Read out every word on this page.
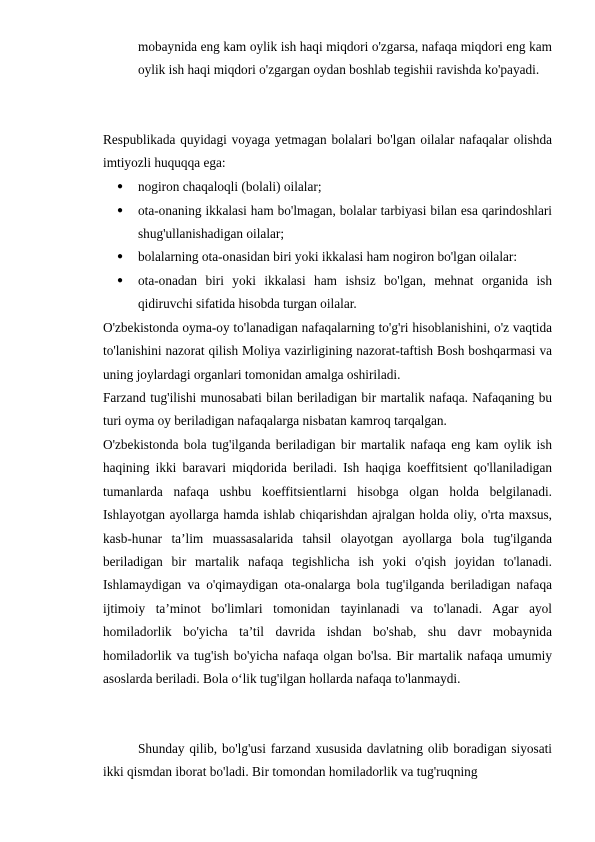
mobaynida eng kam oylik ish haqi miqdori o'zgarsa, nafaqa miqdori eng kam oylik ish haqi miqdori o'zgargan oydan boshlab tegishii ravishda ko'payadi.

Respublikada quyidagi voyaga yetmagan bolalari bo'lgan oilalar nafaqalar olishda imtiyozli huquqqa ega:

● nogiron chaqaloqli (bolali) oilalar;
● ota-onaning ikkalasi ham bo'lmagan, bolalar tarbiyasi bilan esa qarindoshlari shug'ullanishadigan oilalar;
● bolalarning ota-onasidan biri yoki ikkalasi ham nogiron bo'lgan oilalar:
● ota-onadan biri yoki ikkalasi ham ishsiz bo'lgan, mehnat organida ish qidiruvchi sifatida hisobda turgan oilalar.

O'zbekistonda oyma-oy to'lanadigan nafaqalarning to'g'ri hisoblanishini, o'z vaqtida to'lanishini nazorat qilish Moliya vazirligining nazorat-taftish Bosh boshqarmasi va uning joylardagi organlari tomonidan amalga oshiriladi.

Farzand tug'ilishi munosabati bilan beriladigan bir martalik nafaqa. Nafaqaning bu turi oyma oy beriladigan nafaqalarga nisbatan kamroq tarqalgan.

O'zbekistonda bola tug'ilganda beriladigan bir martalik nafaqa eng kam oylik ish haqining ikki baravari miqdorida beriladi. Ish haqiga koeffitsient qo'llaniladigan tumanlarda nafaqa ushbu koeffitsientlarni hisobga olgan holda belgilanadi. Ishlayotgan ayollarga hamda ishlab chiqarishdan ajralgan holda oliy, o'rta maxsus, kasb-hunar ta’lim muassasalarida tahsil olayotgan ayollarga bola tug'ilganda beriladigan bir martalik nafaqa tegishlicha ish yoki o'qish joyidan to'lanadi. Ishlamaydigan va o'qimaydigan ota-onalarga bola tug'ilganda beriladigan nafaqa ijtimoiy ta’minot bo'limlari tomonidan tayinlanadi va to'lanadi. Agar ayol homiladorlik bo'yicha ta’til davrida ishdan bo'shab, shu davr mobaynida homiladorlik va tug'ish bo'yicha nafaqa olgan bo'lsa. Bir martalik nafaqa umumiy asoslarda beriladi. Bola o‘lik tug'ilgan hollarda nafaqa to'lanmaydi.

Shunday qilib, bo'lg'usi farzand xususida davlatning olib boradigan siyosati ikki qismdan iborat bo'ladi. Bir tomondan homiladorlik va tug'ruqning
